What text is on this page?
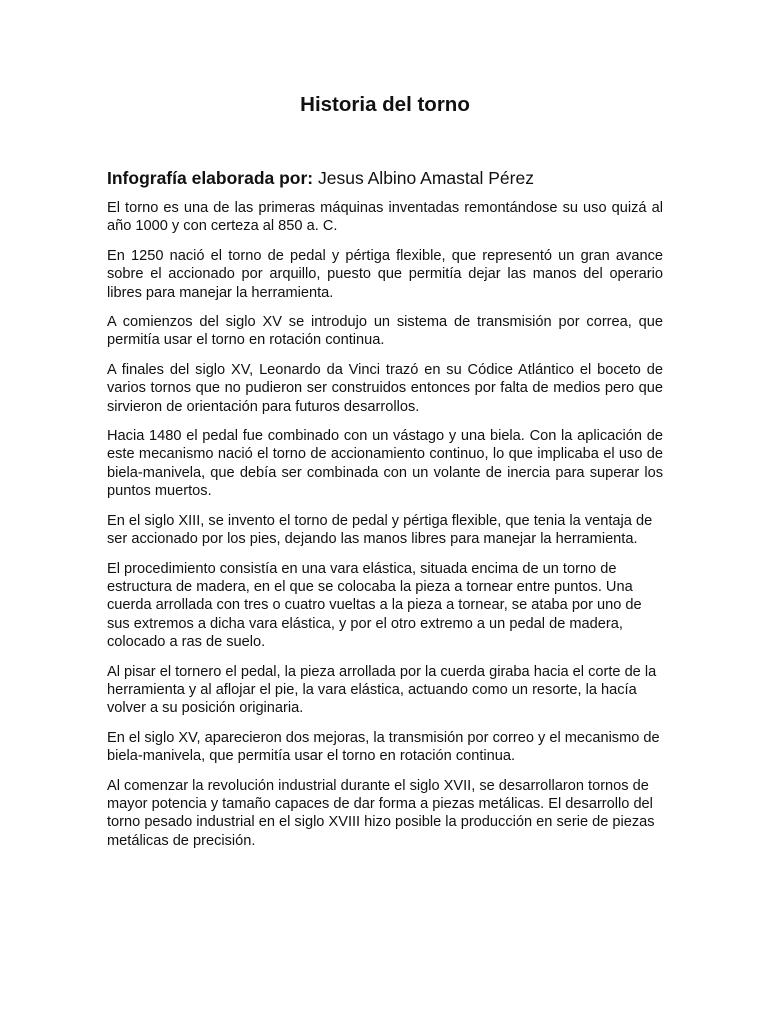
Historia del torno

Infografía elaborada por: Jesus Albino Amastal Pérez

El torno es una de las primeras máquinas inventadas remontándose su uso quizá al año 1000 y con certeza al 850 a. C.

En 1250 nació el torno de pedal y pértiga flexible, que representó un gran avance sobre el accionado por arquillo, puesto que permitía dejar las manos del operario libres para manejar la herramienta.

A comienzos del siglo XV se introdujo un sistema de transmisión por correa, que permitía usar el torno en rotación continua.

A finales del siglo XV, Leonardo da Vinci trazó en su Códice Atlántico el boceto de varios tornos que no pudieron ser construidos entonces por falta de medios pero que sirvieron de orientación para futuros desarrollos.

Hacia 1480 el pedal fue combinado con un vástago y una biela. Con la aplicación de este mecanismo nació el torno de accionamiento continuo, lo que implicaba el uso de biela-manivela, que debía ser combinada con un volante de inercia para superar los puntos muertos.

En el siglo XIII, se invento el torno de pedal y pértiga flexible, que tenia la ventaja de ser accionado por los pies, dejando las manos libres para manejar la herramienta.

El procedimiento consistía en una vara elástica, situada encima de un torno de estructura de madera, en el que se colocaba la pieza a tornear entre puntos. Una cuerda arrollada con tres o cuatro vueltas a la pieza a tornear, se ataba por uno de sus extremos a dicha vara elástica, y por el otro extremo a un pedal de madera, colocado a ras de suelo.

Al pisar el tornero el pedal, la pieza arrollada por la cuerda giraba hacia el corte de la herramienta y al aflojar el pie, la vara elástica, actuando como un resorte, la hacía volver a su posición originaria.

En el siglo XV, aparecieron dos mejoras, la transmisión por correo y el mecanismo de biela-manivela, que permitía usar el torno en rotación continua.

Al comenzar la revolución industrial durante el siglo XVII, se desarrollaron tornos de mayor potencia y tamaño capaces de dar forma a piezas metálicas. El desarrollo del torno pesado industrial en el siglo XVIII hizo posible la producción en serie de piezas metálicas de precisión.
